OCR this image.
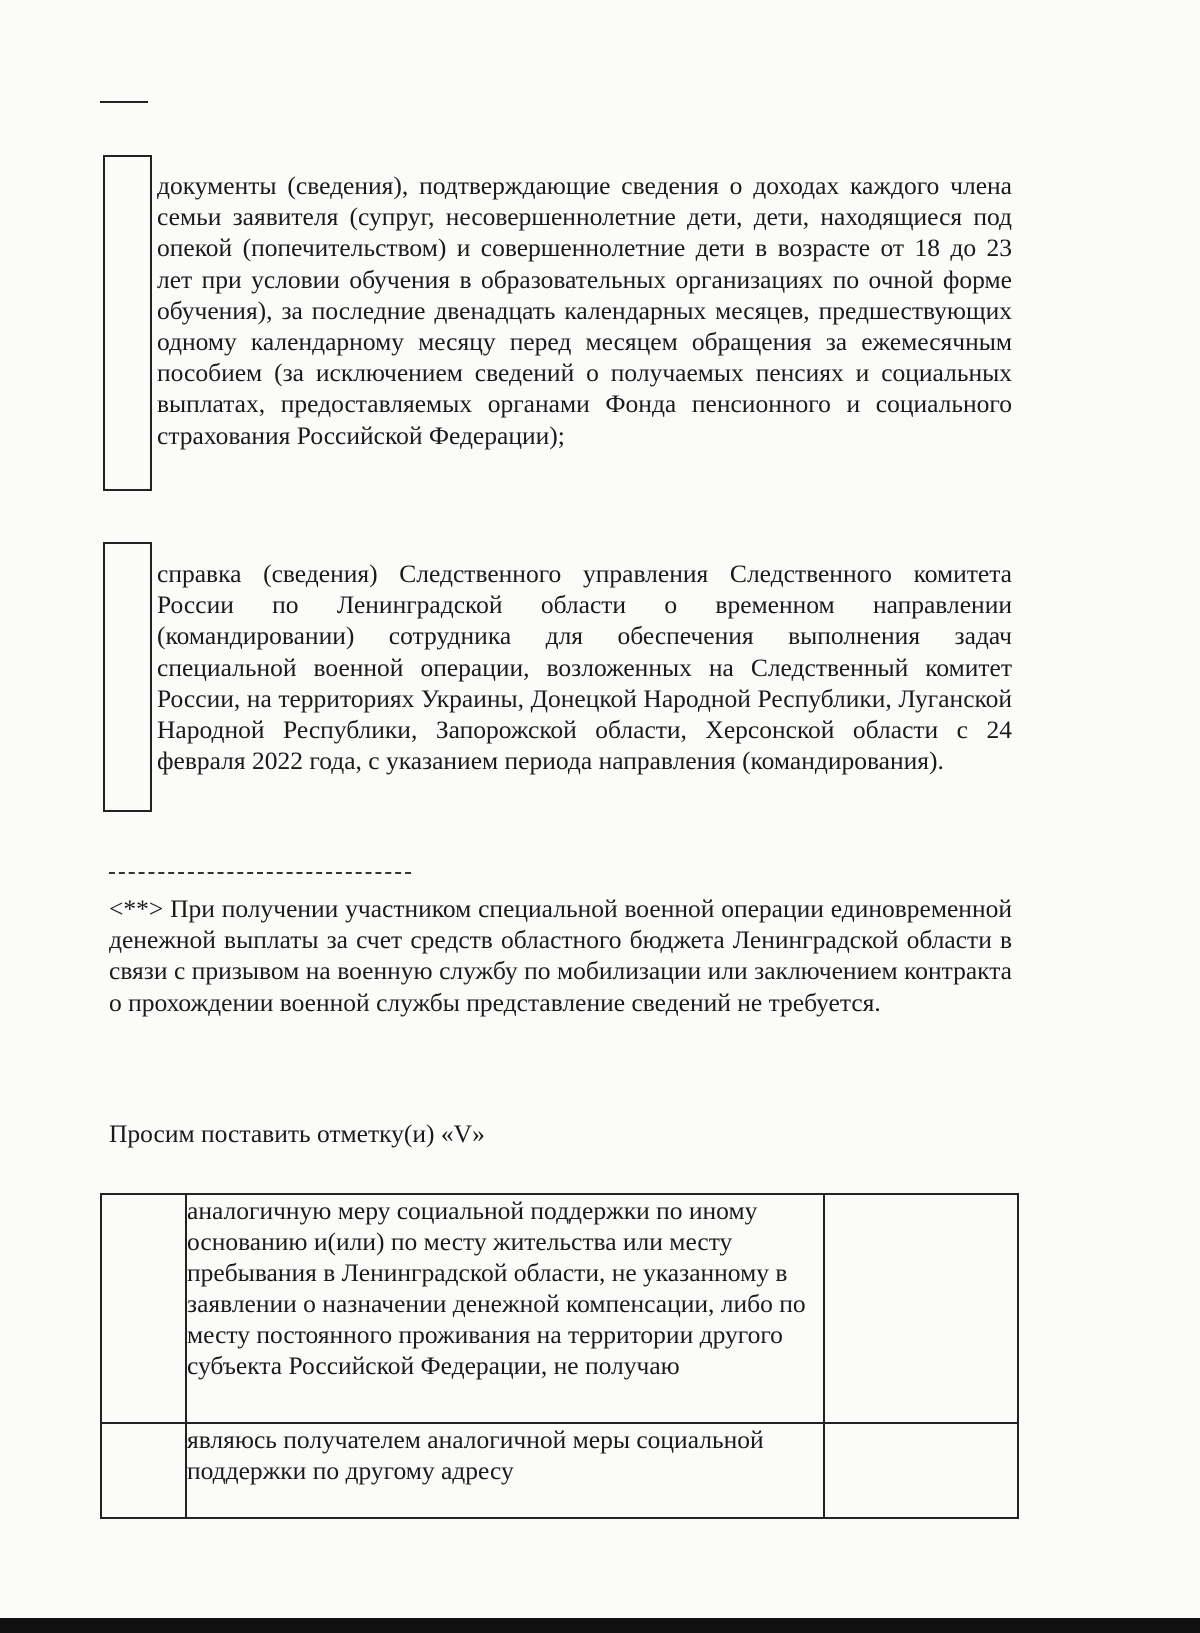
документы (сведения), подтверждающие сведения о доходах каждого члена семьи заявителя (супруг, несовершеннолетние дети, дети, находящиеся под опекой (попечительством) и совершеннолетние дети в возрасте от 18 до 23 лет при условии обучения в образовательных организациях по очной форме обучения), за последние двенадцать календарных месяцев, предшествующих одному календарному месяцу перед месяцем обращения за ежемесячным пособием (за исключением сведений о получаемых пенсиях и социальных выплатах, предоставляемых органами Фонда пенсионного и социального страхования Российской Федерации);

справка (сведения) Следственного управления Следственного комитета России по Ленинградской области о временном направлении (командировании) сотрудника для обеспечения выполнения задач специальной военной операции, возложенных на Следственный комитет России, на территориях Украины, Донецкой Народной Республики, Луганской Народной Республики, Запорожской области, Херсонской области с 24 февраля 2022 года, с указанием периода направления (командирования).

<**> При получении участником специальной военной операции единовременной денежной выплаты за счет средств областного бюджета Ленинградской области в связи с призывом на военную службу по мобилизации или заключением контракта о прохождении военной службы представление сведений не требуется.

Просим поставить отметку(и) «V»

	аналогичную меру социальной поддержки по иному основанию и(или) по месту жительства или месту пребывания в Ленинградской области, не указанному в заявлении о назначении денежной компенсации, либо по месту постоянного проживания на территории другого субъекта Российской Федерации, не получаю	
	являюсь получателем аналогичной меры социальной поддержки по другому адресу	
